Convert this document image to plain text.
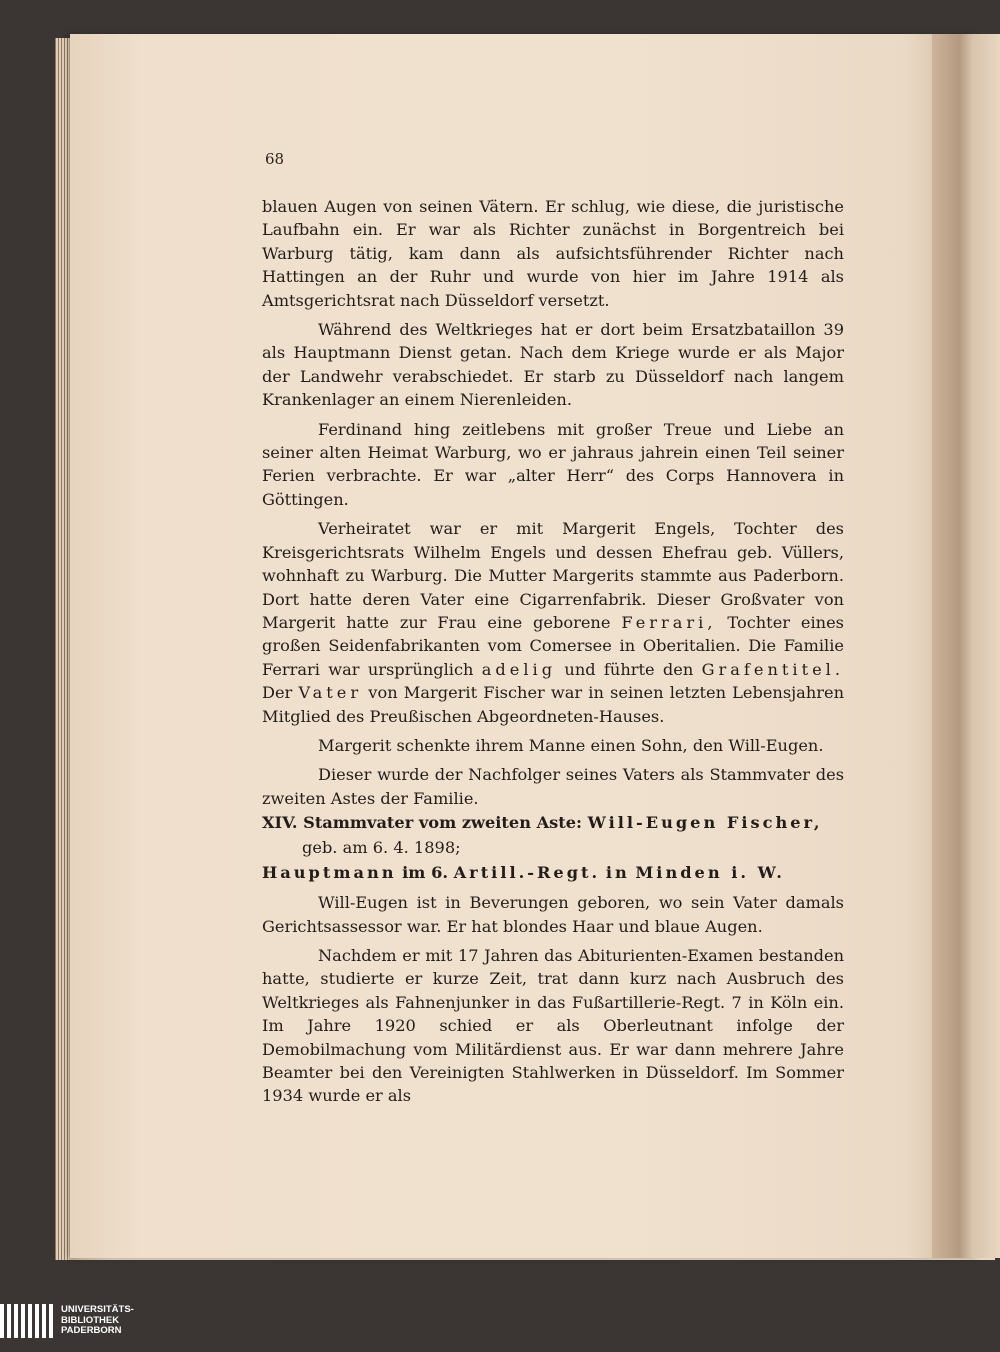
68

blauen Augen von seinen Vätern. Er schlug, wie diese, die juristische Laufbahn ein. Er war als Richter zunächst in Borgentreich bei Warburg tätig, kam dann als aufsichtsführender Richter nach Hattingen an der Ruhr und wurde von hier im Jahre 1914 als Amtsgerichtsrat nach Düsseldorf versetzt.

Während des Weltkrieges hat er dort beim Ersatzbataillon 39 als Hauptmann Dienst getan. Nach dem Kriege wurde er als Major der Landwehr verabschiedet. Er starb zu Düsseldorf nach langem Krankenlager an einem Nierenleiden.

Ferdinand hing zeitlebens mit großer Treue und Liebe an seiner alten Heimat Warburg, wo er jahraus jahrein einen Teil seiner Ferien verbrachte. Er war „alter Herr“ des Corps Hannovera in Göttingen.

Verheiratet war er mit Margerit Engels, Tochter des Kreisgerichtsrats Wilhelm Engels und dessen Ehefrau geb. Vüllers, wohnhaft zu Warburg. Die Mutter Margerits stammte aus Paderborn. Dort hatte deren Vater eine Cigarrenfabrik. Dieser Großvater von Margerit hatte zur Frau eine geborene Ferrari, Tochter eines großen Seidenfabrikanten vom Comersee in Oberitalien. Die Familie Ferrari war ursprünglich adelig und führte den Grafentitel. Der Vater von Margerit Fischer war in seinen letzten Lebensjahren Mitglied des Preußischen Abgeordneten-Hauses.

Margerit schenkte ihrem Manne einen Sohn, den Will-Eugen.

Dieser wurde der Nachfolger seines Vaters als Stammvater des zweiten Astes der Familie.

XIV. Stammvater vom zweiten Aste: Will-Eugen Fischer,

geb. am 6. 4. 1898;

Hauptmann im 6. Artill.-Regt. in Minden i. W.

Will-Eugen ist in Beverungen geboren, wo sein Vater damals Gerichtsassessor war. Er hat blondes Haar und blaue Augen.

Nachdem er mit 17 Jahren das Abiturienten-Examen bestanden hatte, studierte er kurze Zeit, trat dann kurz nach Ausbruch des Weltkrieges als Fahnenjunker in das Fußartillerie-Regt. 7 in Köln ein. Im Jahre 1920 schied er als Oberleutnant infolge der Demobilmachung vom Militärdienst aus. Er war dann mehrere Jahre Beamter bei den Vereinigten Stahlwerken in Düsseldorf. Im Sommer 1934 wurde er als

UNIVERSITÄTS-
BIBLIOTHEK
PADERBORN
